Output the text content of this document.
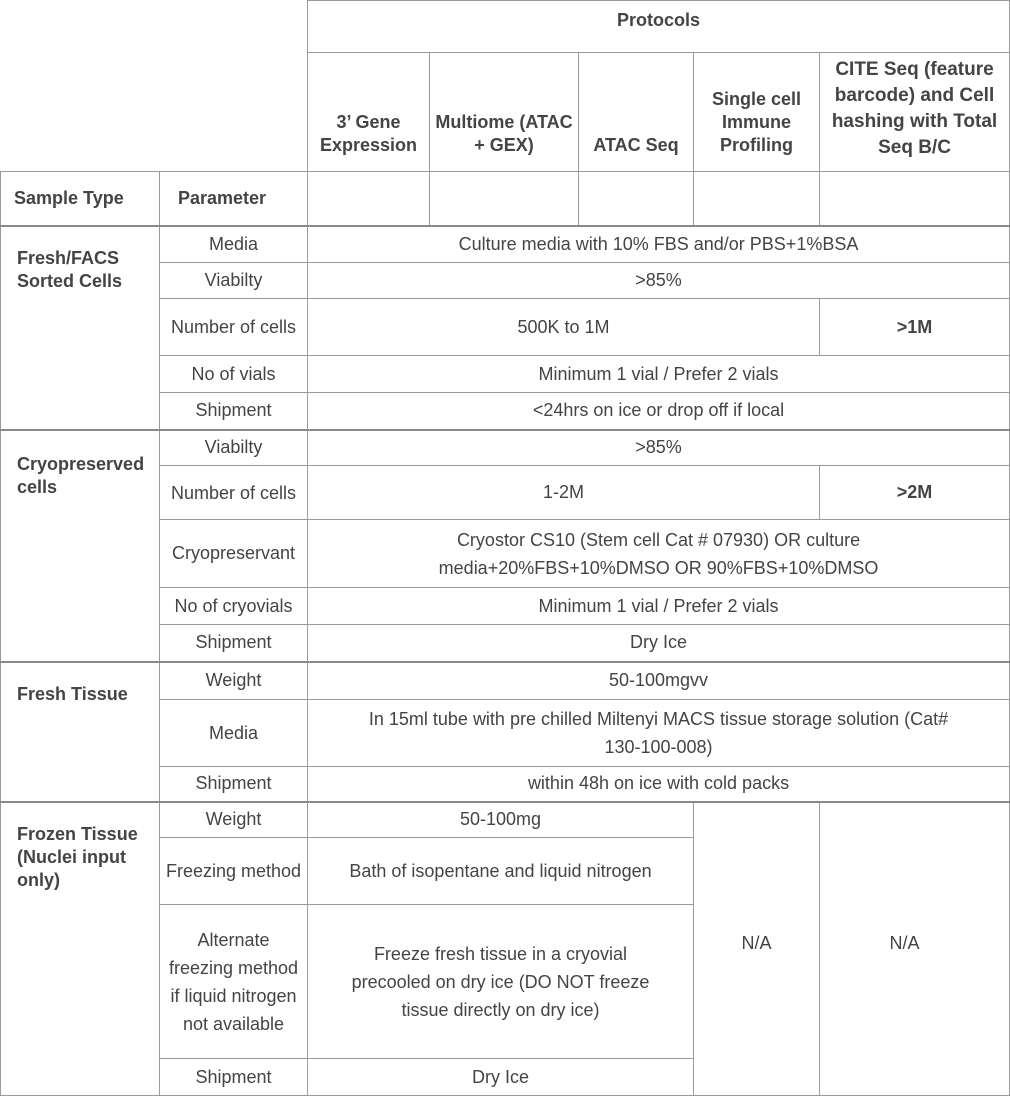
		Protocols				
		3’ Gene Expression	Multiome (ATAC + GEX)	ATAC Seq	Single cell Immune Profiling	CITE Seq (feature barcode) and Cell hashing with Total Seq B/C
Sample Type	Parameter					
Fresh/FACS Sorted Cells	Media	Culture media with 10% FBS and/or PBS+1%BSA				
	Viabilty	>85%				
	Number of cells	500K to 1M				>1M
	No of vials	Minimum 1 vial / Prefer 2 vials				
	Shipment	<24hrs on ice or drop off if local				
Cryopreserved cells	Viabilty	>85%				
	Number of cells	1-2M				>2M
	Cryopreservant	Cryostor CS10 (Stem cell Cat # 07930) OR culture media+20%FBS+10%DMSO OR 90%FBS+10%DMSO				
	No of cryovials	Minimum 1 vial / Prefer 2 vials				
	Shipment	Dry Ice				
Fresh Tissue	Weight	50-100mgvv				
	Media	In 15ml tube with pre chilled Miltenyi MACS tissue storage solution (Cat# 130-100-008)				
	Shipment	within 48h on ice with cold packs				
Frozen Tissue (Nuclei input only)	Weight	50-100mg			N/A	N/A
	Freezing method	Bath of isopentane and liquid nitrogen				
	Alternate freezing method if liquid nitrogen not available	Freeze fresh tissue in a cryovial precooled on dry ice (DO NOT freeze tissue directly on dry ice)				
	Shipment	Dry Ice				
